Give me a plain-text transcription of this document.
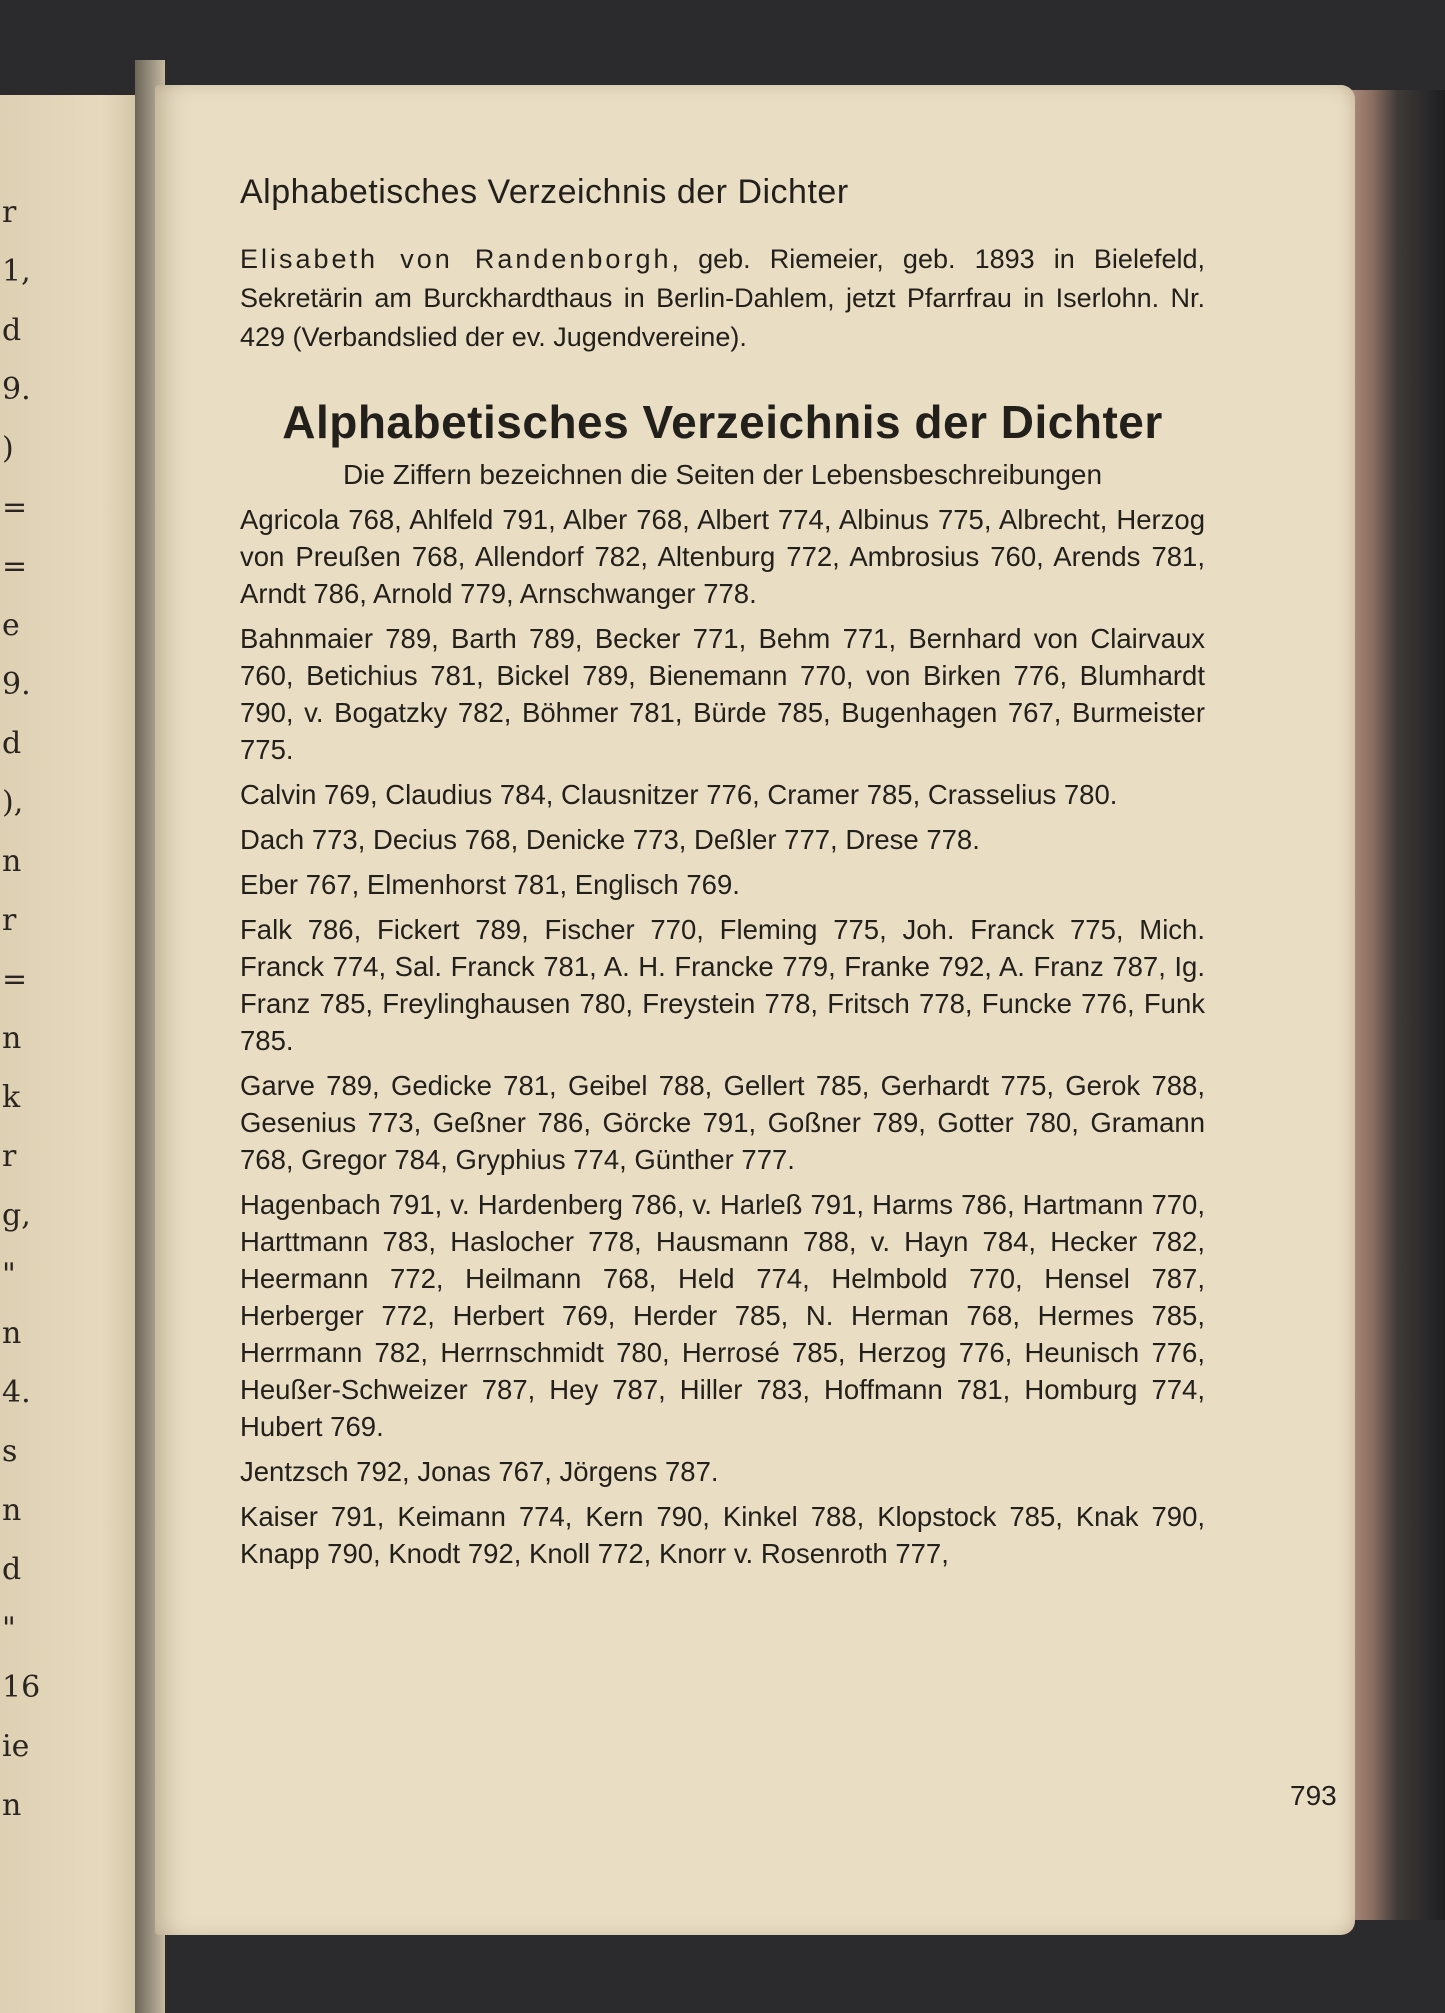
r
1,
d
9.
)
=
=
e
9.
d
),
n
r
=
n
k
r
g,
"
n
4.
s
n
d
"
16
ie
n
Alphabetisches Verzeichnis der Dichter

Elisabeth von Randenborgh, geb. Riemeier, geb. 1893 in Bielefeld, Sekretärin am Burckhardthaus in Berlin-Dahlem, jetzt Pfarrfrau in Iserlohn. Nr. 429 (Verbandslied der ev. Jugendvereine).

Alphabetisches Verzeichnis der Dichter
Die Ziffern bezeichnen die Seiten der Lebensbeschreibungen

Agricola 768, Ahlfeld 791, Alber 768, Albert 774, Albinus 775, Albrecht, Herzog von Preußen 768, Allendorf 782, Altenburg 772, Ambrosius 760, Arends 781, Arndt 786, Arnold 779, Arnschwanger 778.

Bahnmaier 789, Barth 789, Becker 771, Behm 771, Bernhard von Clairvaux 760, Betichius 781, Bickel 789, Bienemann 770, von Birken 776, Blumhardt 790, v. Bogatzky 782, Böhmer 781, Bürde 785, Bugenhagen 767, Burmeister 775.

Calvin 769, Claudius 784, Clausnitzer 776, Cramer 785, Crasselius 780.

Dach 773, Decius 768, Denicke 773, Deßler 777, Drese 778.

Eber 767, Elmenhorst 781, Englisch 769.

Falk 786, Fickert 789, Fischer 770, Fleming 775, Joh. Franck 775, Mich. Franck 774, Sal. Franck 781, A. H. Francke 779, Franke 792, A. Franz 787, Ig. Franz 785, Freylinghausen 780, Freystein 778, Fritsch 778, Funcke 776, Funk 785.

Garve 789, Gedicke 781, Geibel 788, Gellert 785, Gerhardt 775, Gerok 788, Gesenius 773, Geßner 786, Görcke 791, Goßner 789, Gotter 780, Gramann 768, Gregor 784, Gryphius 774, Günther 777.

Hagenbach 791, v. Hardenberg 786, v. Harleß 791, Harms 786, Hartmann 770, Harttmann 783, Haslocher 778, Hausmann 788, v. Hayn 784, Hecker 782, Heermann 772, Heilmann 768, Held 774, Helmbold 770, Hensel 787, Herberger 772, Herbert 769, Herder 785, N. Herman 768, Hermes 785, Herrmann 782, Herrnschmidt 780, Herrosé 785, Herzog 776, Heunisch 776, Heußer-Schweizer 787, Hey 787, Hiller 783, Hoffmann 781, Homburg 774, Hubert 769.

Jentzsch 792, Jonas 767, Jörgens 787.

Kaiser 791, Keimann 774, Kern 790, Kinkel 788, Klopstock 785, Knak 790, Knapp 790, Knodt 792, Knoll 772, Knorr v. Rosenroth 777,

793
